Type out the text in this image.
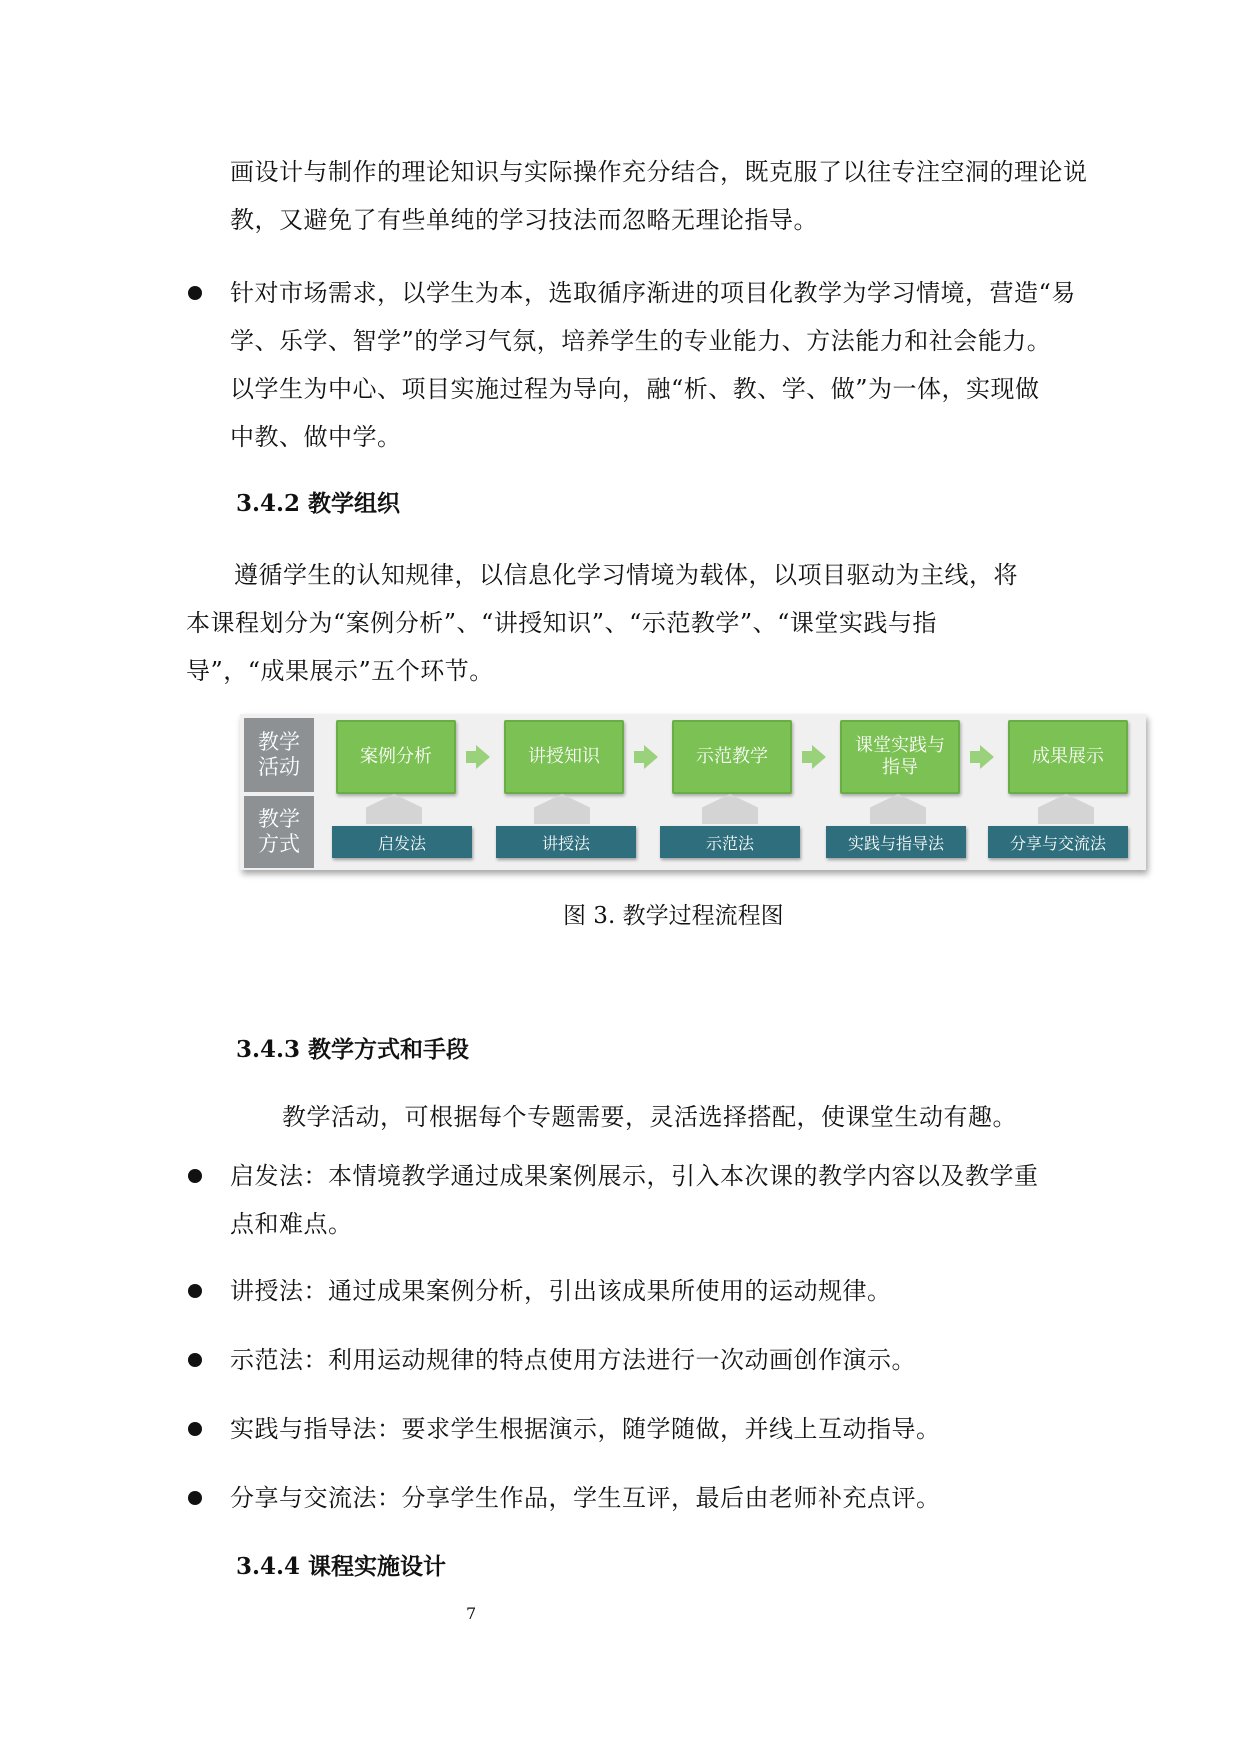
画设计与制作的理论知识与实际操作充分结合，既克服了以往专注空洞的理论说
教，又避免了有些单纯的学习技法而忽略无理论指导。
针对市场需求，以学生为本，选取循序渐进的项目化教学为学习情境，营造“易
学、乐学、智学”的学习气氛，培养学生的专业能力、方法能力和社会能力。
以学生为中心、项目实施过程为导向，融“析、教、学、做”为一体，实现做
中教、做中学。
3.4.2 教学组织
遵循学生的认知规律，以信息化学习情境为载体，以项目驱动为主线，将
本课程划分为“案例分析”、“讲授知识”、“示范教学”、“课堂实践与指
导”，“成果展示”五个环节。
教学
活动
教学
方式
案例分析	讲授知识	示范教学
课堂实践与
指导
成果展示
启发法	讲授法	示范法	实践与指导法	分享与交流法
图 3. 教学过程流程图
3.4.3 教学方式和手段
教学活动，可根据每个专题需要，灵活选择搭配，使课堂生动有趣。
启发法：本情境教学通过成果案例展示，引入本次课的教学内容以及教学重
点和难点。
讲授法：通过成果案例分析，引出该成果所使用的运动规律。
示范法：利用运动规律的特点使用方法进行一次动画创作演示。
实践与指导法：要求学生根据演示，随学随做，并线上互动指导。
分享与交流法：分享学生作品，学生互评，最后由老师补充点评。
3.4.4 课程实施设计
7
